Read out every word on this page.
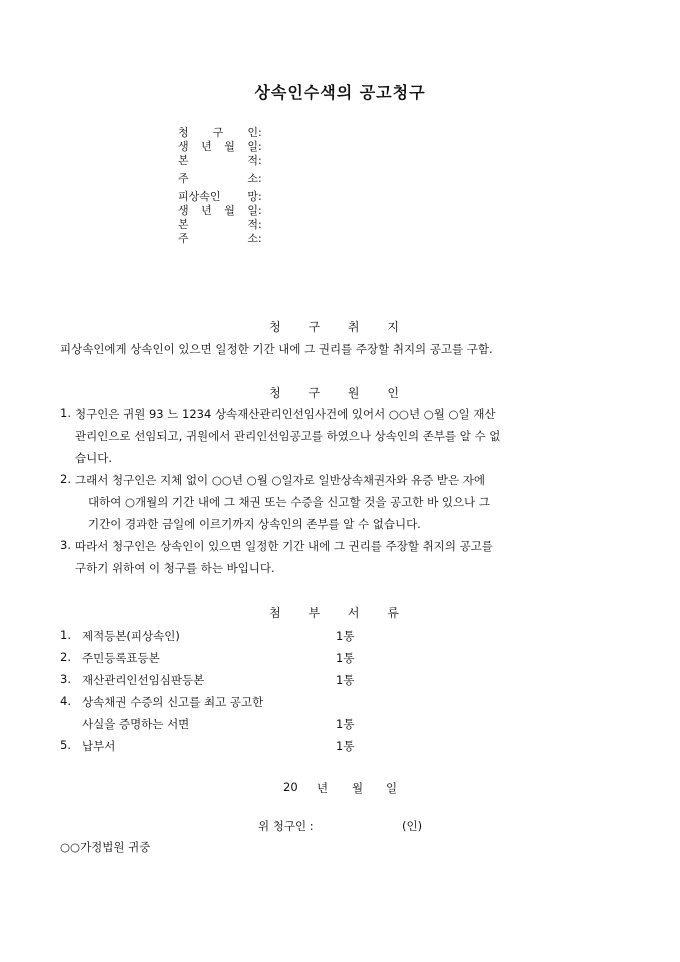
상속인수색의 공고청구
청 구 인 :
생 년 월 일 :
본 적 :
주 소 :
피상속인 망 :
생 년 월 일 :
본 적 :
주 소 :
청 구 취 지
피상속인에게 상속인이 있으면 일정한 기간 내에 그 권리를 주장할 취지의 공고를 구함.
청 구 원 인
1. 청구인은 귀원 93 느 1234 상속재산관리인선임사건에 있어서 ○○년 ○월 ○일 재산
관리인으로 선임되고, 귀원에서 관리인선임공고를 하였으나 상속인의 존부를 알 수 없
습니다.
2. 그래서 청구인은 지체 없이 ○○년 ○월 ○일자로 일반상속채권자와 유증 받은 자에
대하여 ○개월의 기간 내에 그 채권 또는 수증을 신고할 것을 공고한 바 있으나 그
기간이 경과한 금일에 이르기까지 상속인의 존부를 알 수 없습니다.
3. 따라서 청구인은 상속인이 있으면 일정한 기간 내에 그 권리를 주장할 취지의 공고를
구하기 위하여 이 청구를 하는 바입니다.
첨 부 서 류
1. 제적등본(피상속인)	1통
2. 주민등록표등본	1통
3. 재산관리인선임심판등본	1통
4. 상속채권 수증의 신고를 최고 공고한
사실을 증명하는 서면	1통
5. 납부서	1통
20 년 월 일
위 청구인 :	(인)
○○가정법원 귀중
